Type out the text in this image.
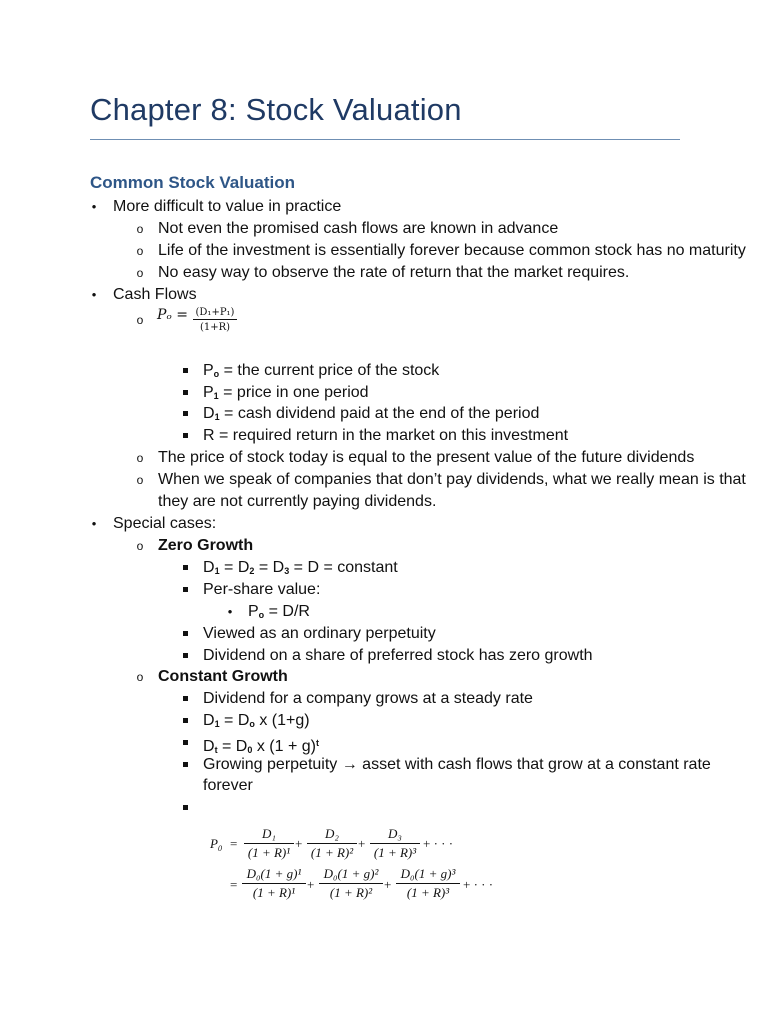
Chapter 8: Stock Valuation
Common Stock Valuation
•
More difficult to value in practice
o
Not even the promised cash flows are known in advance
o
Life of the investment is essentially forever because common stock has no maturity
o
No easy way to observe the rate of return that the market requires.
•
Cash Flows
o
$P_o = \frac{\text{(D₁+P₁)}}{(1+R)}$
$P_o$ = the current price of the stock
$P_1$ = price in one period
$D_1$ = cash dividend paid at the end of the period
R = required return in the market on this investment
o
The price of stock today is equal to the present value of the future dividends
o
When we speak of companies that don’t pay dividends, what we really mean is that
they are not currently paying dividends.
•
Special cases:
o
Zero Growth
$D_1 = D_2 = D_3 = D$ = constant
Per-share value:
•
$P_o = D/R$
Viewed as an ordinary perpetuity
Dividend on a share of preferred stock has zero growth
o
Constant Growth
Dividend for a company grows at a steady rate
$D_1 = D_o$ x (1+g)
$D_t = D_0$ x $(1 + g)^t$
Growing perpetuity → asset with cash flows that grow at a constant rate
forever
$P_0$ =
D₁
(1 + R)¹
+
D₂
(1 + R)²
+
D₃
(1 + R)³
+ · · ·
=
D₀(1 + g)¹
(1 + R)¹
+
D₀(1 + g)²
(1 + R)²
+
D₀(1 + g)³
(1 + R)³
+ · · ·
